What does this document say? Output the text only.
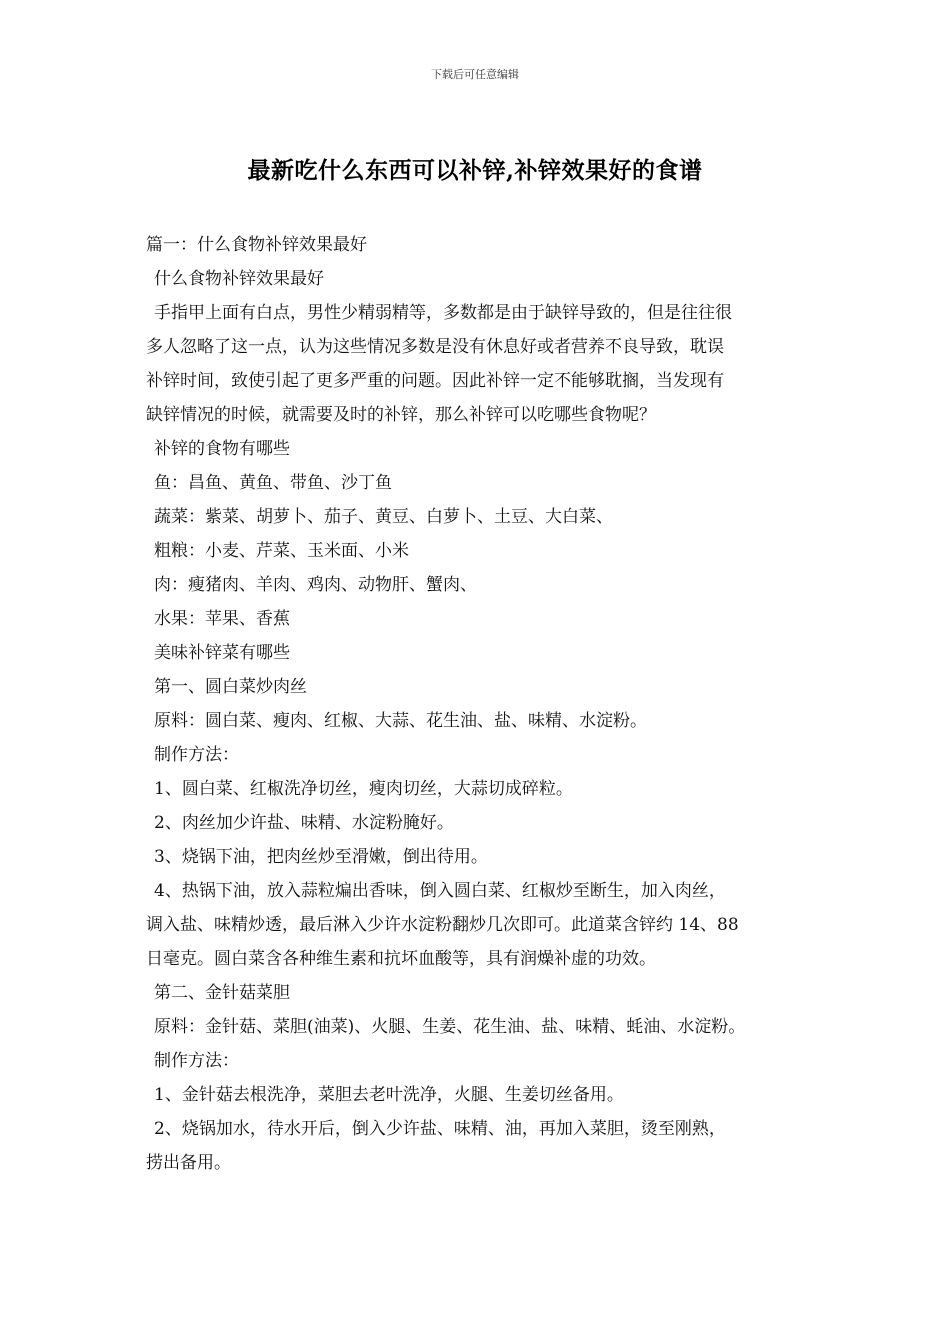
下载后可任意编辑
最新吃什么东西可以补锌,补锌效果好的食谱
篇一：什么食物补锌效果最好
什么食物补锌效果最好
手指甲上面有白点，男性少精弱精等，多数都是由于缺锌导致的，但是往往很
多人忽略了这一点，认为这些情况多数是没有休息好或者营养不良导致，耽误
补锌时间，致使引起了更多严重的问题。因此补锌一定不能够耽搁，当发现有
缺锌情况的时候，就需要及时的补锌，那么补锌可以吃哪些食物呢？
补锌的食物有哪些
鱼：昌鱼、黄鱼、带鱼、沙丁鱼
蔬菜：紫菜、胡萝卜、茄子、黄豆、白萝卜、土豆、大白菜、
粗粮：小麦、芹菜、玉米面、小米
肉：瘦猪肉、羊肉、鸡肉、动物肝、蟹肉、
水果：苹果、香蕉
美味补锌菜有哪些
第一、圆白菜炒肉丝
原料：圆白菜、瘦肉、红椒、大蒜、花生油、盐、味精、水淀粉。
制作方法：
1、圆白菜、红椒洗净切丝，瘦肉切丝，大蒜切成碎粒。
2、肉丝加少许盐、味精、水淀粉腌好。
3、烧锅下油，把肉丝炒至滑嫩，倒出待用。
4、热锅下油，放入蒜粒煸出香味，倒入圆白菜、红椒炒至断生，加入肉丝，
调入盐、味精炒透，最后淋入少许水淀粉翻炒几次即可。此道菜含锌约 14、88
日毫克。圆白菜含各种维生素和抗坏血酸等，具有润燥补虚的功效。
第二、金针菇菜胆
原料：金针菇、菜胆(油菜)、火腿、生姜、花生油、盐、味精、蚝油、水淀粉。
制作方法：
1、金针菇去根洗净，菜胆去老叶洗净，火腿、生姜切丝备用。
2、烧锅加水，待水开后，倒入少许盐、味精、油，再加入菜胆，烫至刚熟，
捞出备用。
